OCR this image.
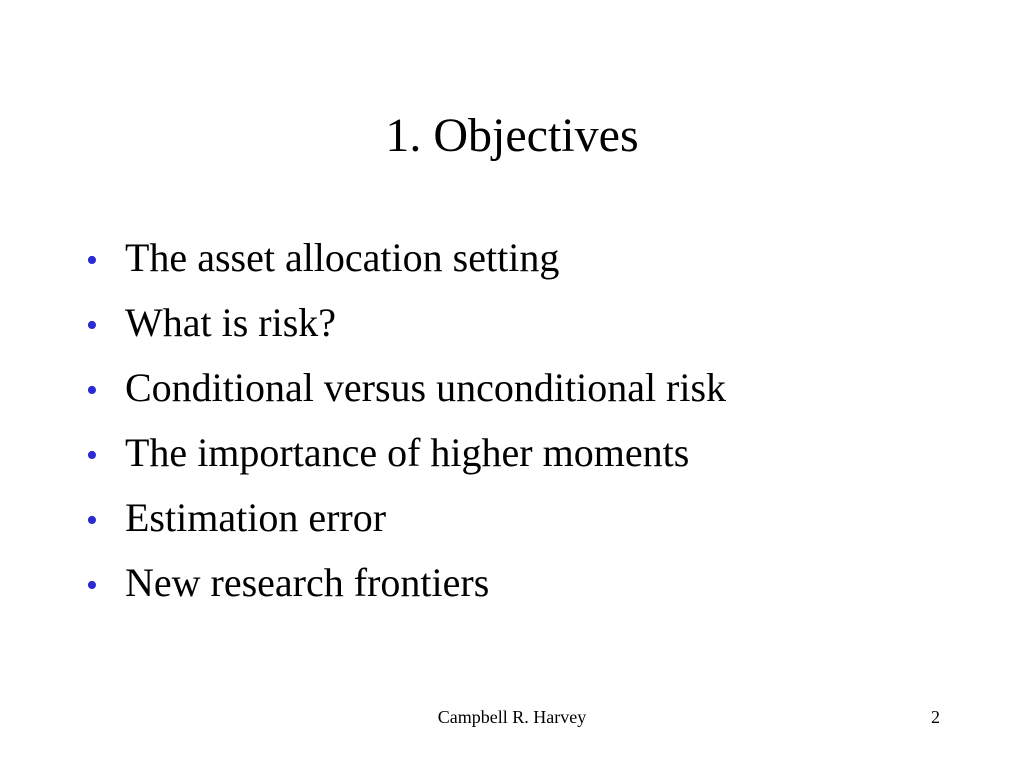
1. Objectives
• The asset allocation setting
• What is risk?
• Conditional versus unconditional risk
• The importance of higher moments
• Estimation error
• New research frontiers
Campbell R. Harvey	2
